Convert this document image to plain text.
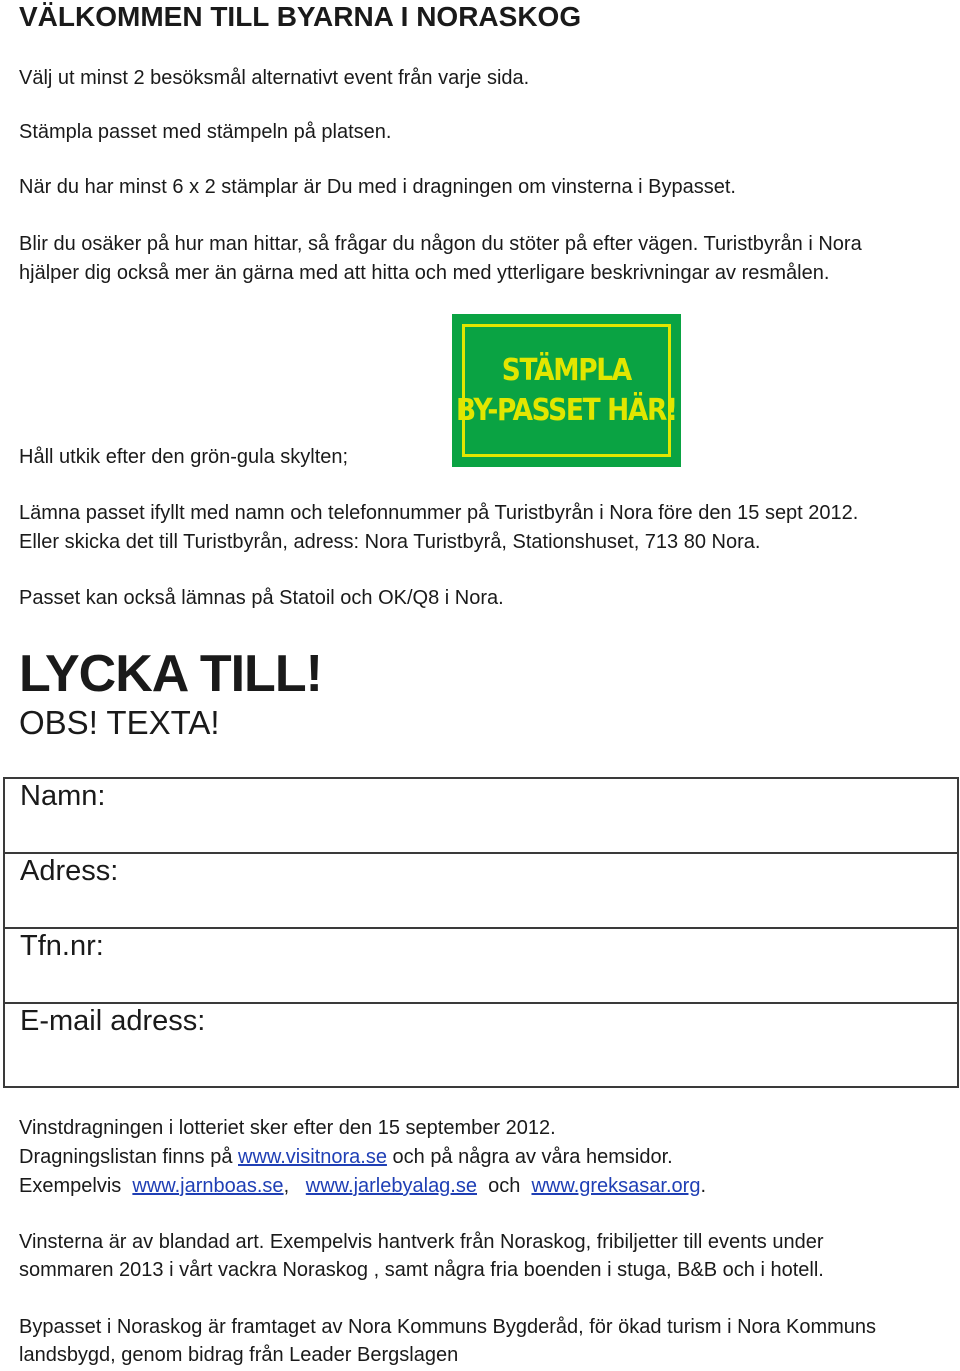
VÄLKOMMEN TILL BYARNA I NORASKOG
Välj ut minst 2 besöksmål alternativt event från varje sida.
Stämpla passet med stämpeln på platsen.
När du har minst 6 x 2 stämplar är Du med i dragningen om vinsterna i Bypasset.
Blir du osäker på hur man hittar, så frågar du någon du stöter på efter vägen. Turistbyrån i Nora
hjälper dig också mer än gärna med att hitta och med ytterligare beskrivningar av resmålen.
STÄMPLA
BY-PASSET HÄR!
Håll utkik efter den grön-gula skylten;
Lämna passet ifyllt med namn och telefonnummer på Turistbyrån i Nora före den 15 sept 2012.
Eller skicka det till Turistbyrån, adress: Nora Turistbyrå, Stationshuset, 713 80 Nora.
Passet kan också lämnas på Statoil och OK/Q8 i Nora.
LYCKA TILL!
OBS! TEXTA!
Namn:
Adress:
Tfn.nr:
E-mail adress:
Vinstdragningen i lotteriet sker efter den 15 september 2012.
Dragningslistan finns på www.visitnora.se och på några av våra hemsidor.
Exempelvis  www.jarnboas.se,   www.jarlebyalag.se  och  www.greksasar.org.
Vinsterna är av blandad art. Exempelvis hantverk från Noraskog, fribiljetter till events under
sommaren 2013 i vårt vackra Noraskog , samt några fria boenden i stuga, B&B och i hotell.
Bypasset i Noraskog är framtaget av Nora Kommuns Bygderåd, för ökad turism i Nora Kommuns
landsbygd, genom bidrag från Leader Bergslagen
